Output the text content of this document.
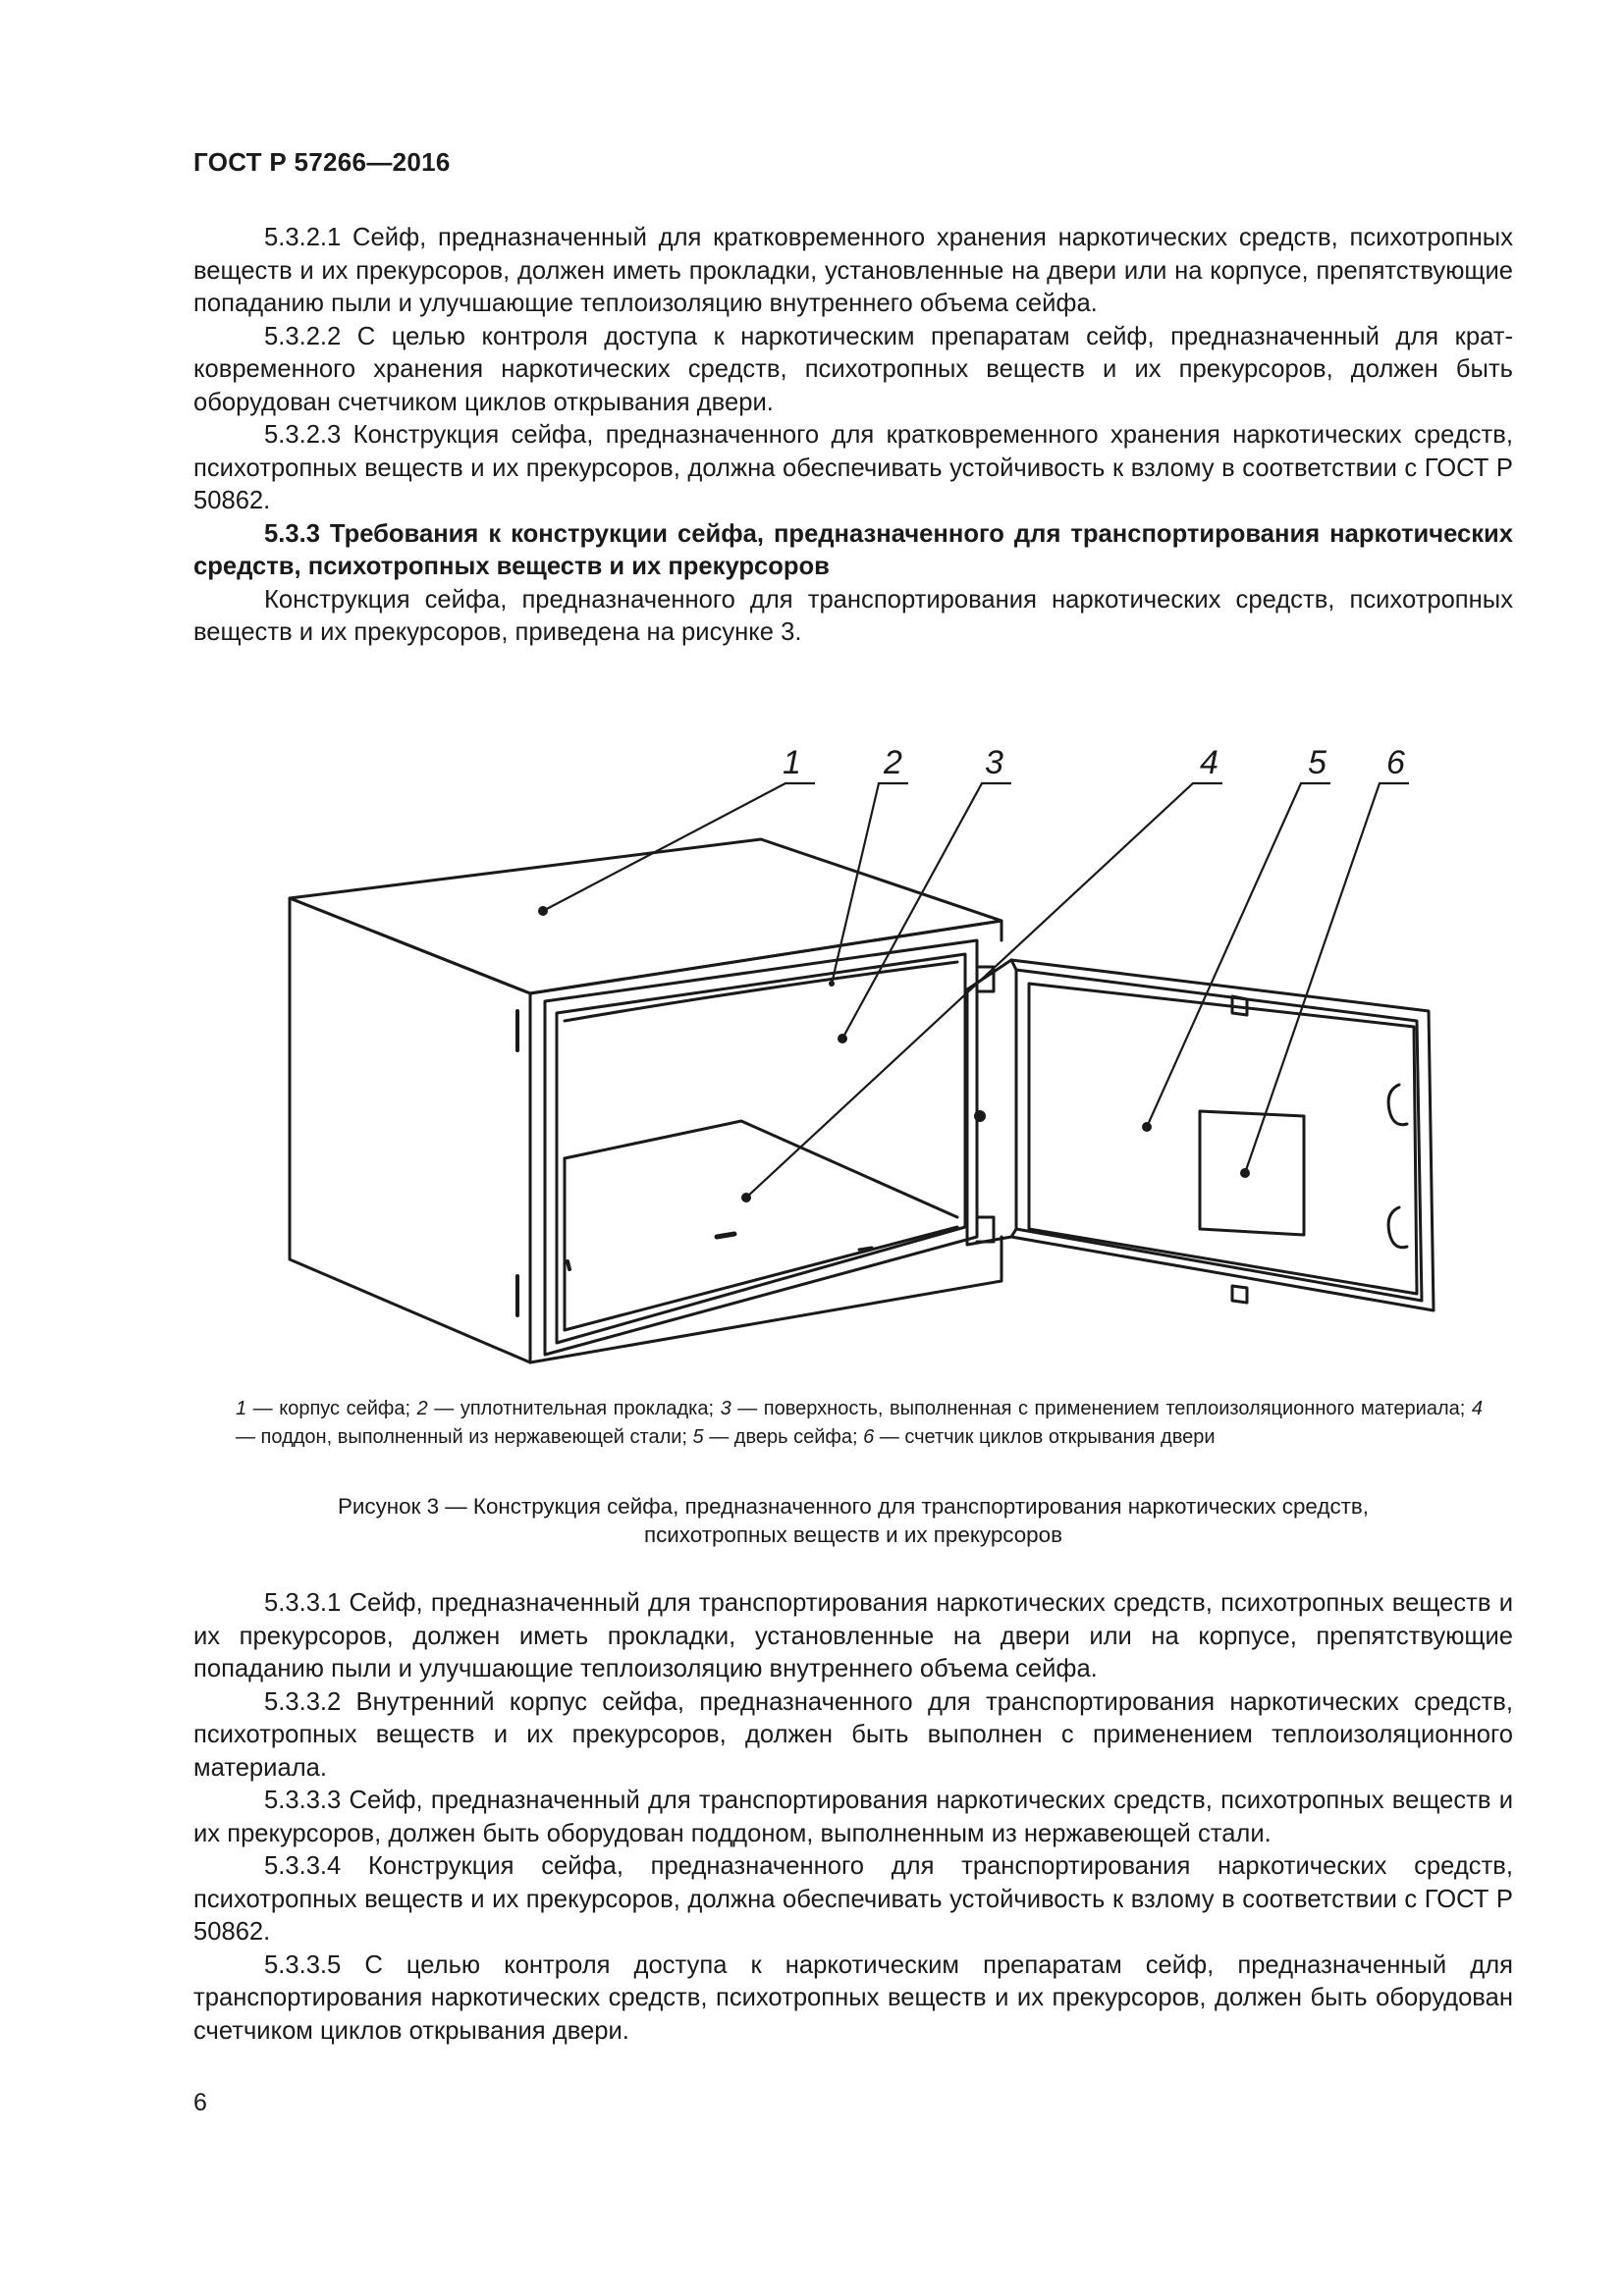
ГОСТ Р 57266—2016

5.3.2.1 Сейф, предназначенный для кратковременного хранения наркотических средств, психотропных веществ и их прекурсоров, должен иметь прокладки, установленные на двери или на корпусе, препятствующие попаданию пыли и улучшающие теплоизоляцию внутреннего объема сейфа.

5.3.2.2 С целью контроля доступа к наркотическим препаратам сейф, предназначенный для кратковременного хранения наркотических средств, психотропных веществ и их прекурсоров, должен быть оборудован счетчиком циклов открывания двери.

5.3.2.3 Конструкция сейфа, предназначенного для кратковременного хранения наркотических средств, психотропных веществ и их прекурсоров, должна обеспечивать устойчивость к взлому в соответствии с ГОСТ Р 50862.

5.3.3 Требования к конструкции сейфа, предназначенного для транспортирования наркотических средств, психотропных веществ и их прекурсоров

Конструкция сейфа, предназначенного для транспортирования наркотических средств, психотропных веществ и их прекурсоров, приведена на рисунке 3.

1 2 3	4	5 6
1 — корпус сейфа; 2 — уплотнительная прокладка; 3 — поверхность, выполненная с применением теплоизоляционного материала; 4 — поддон, выполненный из нержавеющей стали; 5 — дверь сейфа; 6 — счетчик циклов открывания двери
Рисунок 3 — Конструкция сейфа, предназначенного для транспортирования наркотических средств,
психотропных веществ и их прекурсоров

5.3.3.1 Сейф, предназначенный для транспортирования наркотических средств, психотропных веществ и их прекурсоров, должен иметь прокладки, установленные на двери или на корпусе, препятствующие попаданию пыли и улучшающие теплоизоляцию внутреннего объема сейфа.

5.3.3.2 Внутренний корпус сейфа, предназначенного для транспортирования наркотических средств, психотропных веществ и их прекурсоров, должен быть выполнен с применением теплоизоляционного материала.

5.3.3.3 Сейф, предназначенный для транспортирования наркотических средств, психотропных веществ и их прекурсоров, должен быть оборудован поддоном, выполненным из нержавеющей стали.

5.3.3.4 Конструкция сейфа, предназначенного для транспортирования наркотических средств, психотропных веществ и их прекурсоров, должна обеспечивать устойчивость к взлому в соответствии с ГОСТ Р 50862.

5.3.3.5 С целью контроля доступа к наркотическим препаратам сейф, предназначенный для транспортирования наркотических средств, психотропных веществ и их прекурсоров, должен быть оборудован счетчиком циклов открывания двери.

6
